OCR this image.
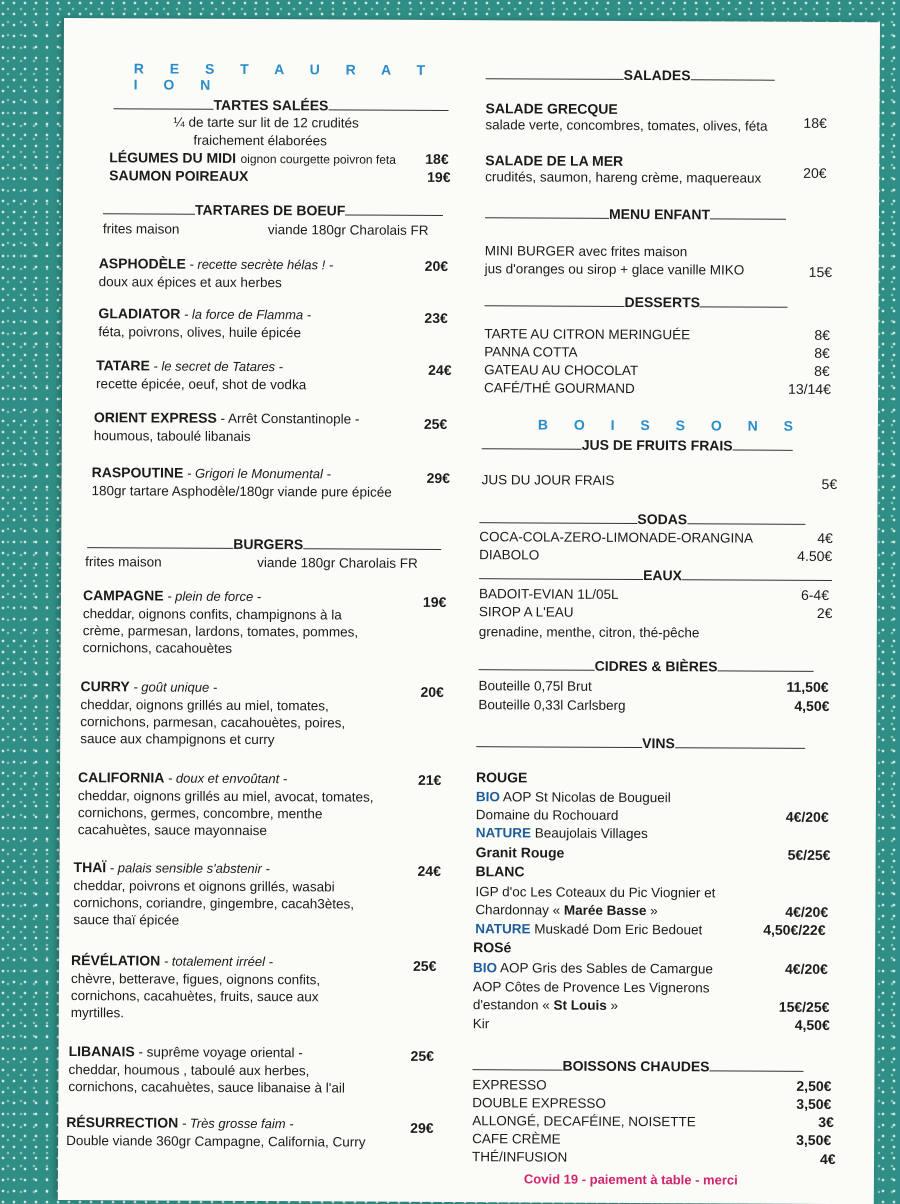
R E S T A U R A T I O N
TARTES SALÉES
¼ de tarte sur lit de 12 crudités
fraichement élaborées
LÉGUMES DU MIDI oignon courgette poivron feta 18€
SAUMON POIREAUX	19€
TARTARES DE BOEUF
frites maison	viande 180gr Charolais FR
ASPHODÈLE - recette secrète hélas ! -
doux aux épices et aux herbes
20€
GLADIATOR - la force de Flamma -
féta, poivrons, olives, huile épicée
23€
TATARE - le secret de Tatares -
recette épicée, oeuf, shot de vodka
24€
ORIENT EXPRESS - Arrêt Constantinople -
houmous, taboulé libanais
25€
RASPOUTINE - Grigori le Monumental -
180gr tartare Asphodèle/180gr viande pure épicée
29€
BURGERS
frites maison	viande 180gr Charolais FR
CAMPAGNE - plein de force -
cheddar, oignons confits, champignons à la
crème, parmesan, lardons, tomates, pommes,
cornichons, cacahouètes
19€
CURRY - goût unique -
cheddar, oignons grillés au miel, tomates,
cornichons, parmesan, cacahouètes, poires,
sauce aux champignons et curry
20€
CALIFORNIA - doux et envoûtant -
cheddar, oignons grillés au miel, avocat, tomates,
cornichons, germes, concombre, menthe
cacahuètes, sauce mayonnaise
21€
THAÏ - palais sensible s'abstenir -
cheddar, poivrons et oignons grillés, wasabi
cornichons, coriandre, gingembre, cacah3ètes,
sauce thaï épicée
24€
RÉVÉLATION - totalement irréel -
chèvre, betterave, figues, oignons confits,
cornichons, cacahuètes, fruits, sauce aux
myrtilles.
25€
LIBANAIS - suprême voyage oriental -
cheddar, houmous , taboulé aux herbes,
cornichons, cacahuètes, sauce libanaise à l'ail
25€
RÉSURRECTION - Très grosse faim -
Double viande 360gr Campagne, California, Curry
29€
SALADES
SALADE GRECQUE
salade verte, concombres, tomates, olives, féta	18€
SALADE DE LA MER
crudités, saumon, hareng crème, maquereaux	20€
MENU ENFANT
MINI BURGER avec frites maison
jus d'oranges ou sirop + glace vanille MIKO	15€
DESSERTS
TARTE AU CITRON MERINGUÉE	8€
PANNA COTTA	8€
GATEAU AU CHOCOLAT	8€
CAFÉ/THÉ GOURMAND	13/14€
B O I S S O N S
JUS DE FRUITS FRAIS
JUS DU JOUR FRAIS	5€
SODAS
COCA-COLA-ZERO-LIMONADE-ORANGINA	4€
DIABOLO	4.50€
EAUX
BADOIT-EVIAN 1L/05L	6-4€
SIROP A L'EAU	2€
grenadine, menthe, citron, thé-pêche
CIDRES & BIÈRES
Bouteille 0,75l Brut	11,50€
Bouteille 0,33l Carlsberg	4,50€
VINS
ROUGE
BIO AOP St Nicolas de Bougueil
Domaine du Rochouard	4€/20€
NATURE Beaujolais Villages
Granit Rouge	5€/25€
BLANC
IGP d'oc Les Coteaux du Pic Viognier et
Chardonnay « Marée Basse »	4€/20€
NATURE Muskadé Dom Eric Bedouet	4,50€/22€
ROSé
BIO AOP Gris des Sables de Camargue	4€/20€
AOP Côtes de Provence Les Vignerons
d'estandon « St Louis »	15€/25€
Kir	4,50€
BOISSONS CHAUDES
EXPRESSO	2,50€
DOUBLE EXPRESSO	3,50€
ALLONGÉ, DECAFÉINE, NOISETTE	3€
CAFE CRÈME	3,50€
THÉ/INFUSION	4€
Covid 19 - paiement à table - merci
